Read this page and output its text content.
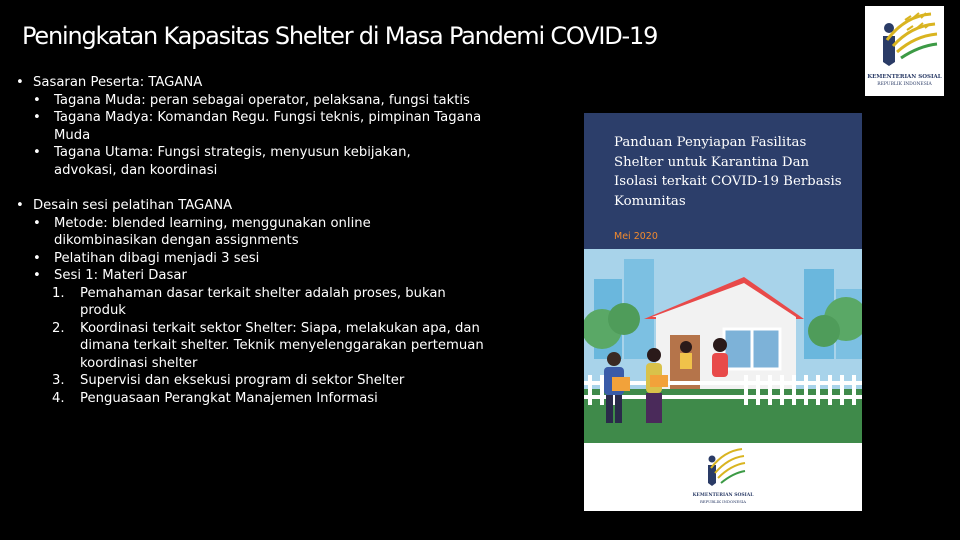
Peningkatan Kapasitas Shelter di Masa Pandemi COVID-19
• Sasaran Peserta: TAGANA
• Tagana Muda: peran sebagai operator, pelaksana, fungsi taktis
• Tagana Madya: Komandan Regu. Fungsi teknis, pimpinan Tagana Muda
• Tagana Utama: Fungsi strategis, menyusun kebijakan, advokasi, dan koordinasi
• Desain sesi pelatihan TAGANA
• Metode: blended learning, menggunakan online dikombinasikan dengan assignments
• Pelatihan dibagi menjadi 3 sesi
• Sesi 1: Materi Dasar
1. Pemahaman dasar terkait shelter adalah proses, bukan produk
2. Koordinasi terkait sektor Shelter: Siapa, melakukan apa, dan dimana terkait shelter. Teknik menyelenggarakan pertemuan koordinasi shelter
3. Supervisi dan eksekusi program di sektor Shelter
4. Penguasaan Perangkat Manajemen Informasi
KEMENTERIAN SOSIAL
REPUBLIK INDONESIA
Panduan Penyiapan Fasilitas Shelter untuk Karantina Dan Isolasi terkait COVID-19 Berbasis Komunitas
Mei 2020
KEMENTERIAN SOSIAL
REPUBLIK INDONESIA
